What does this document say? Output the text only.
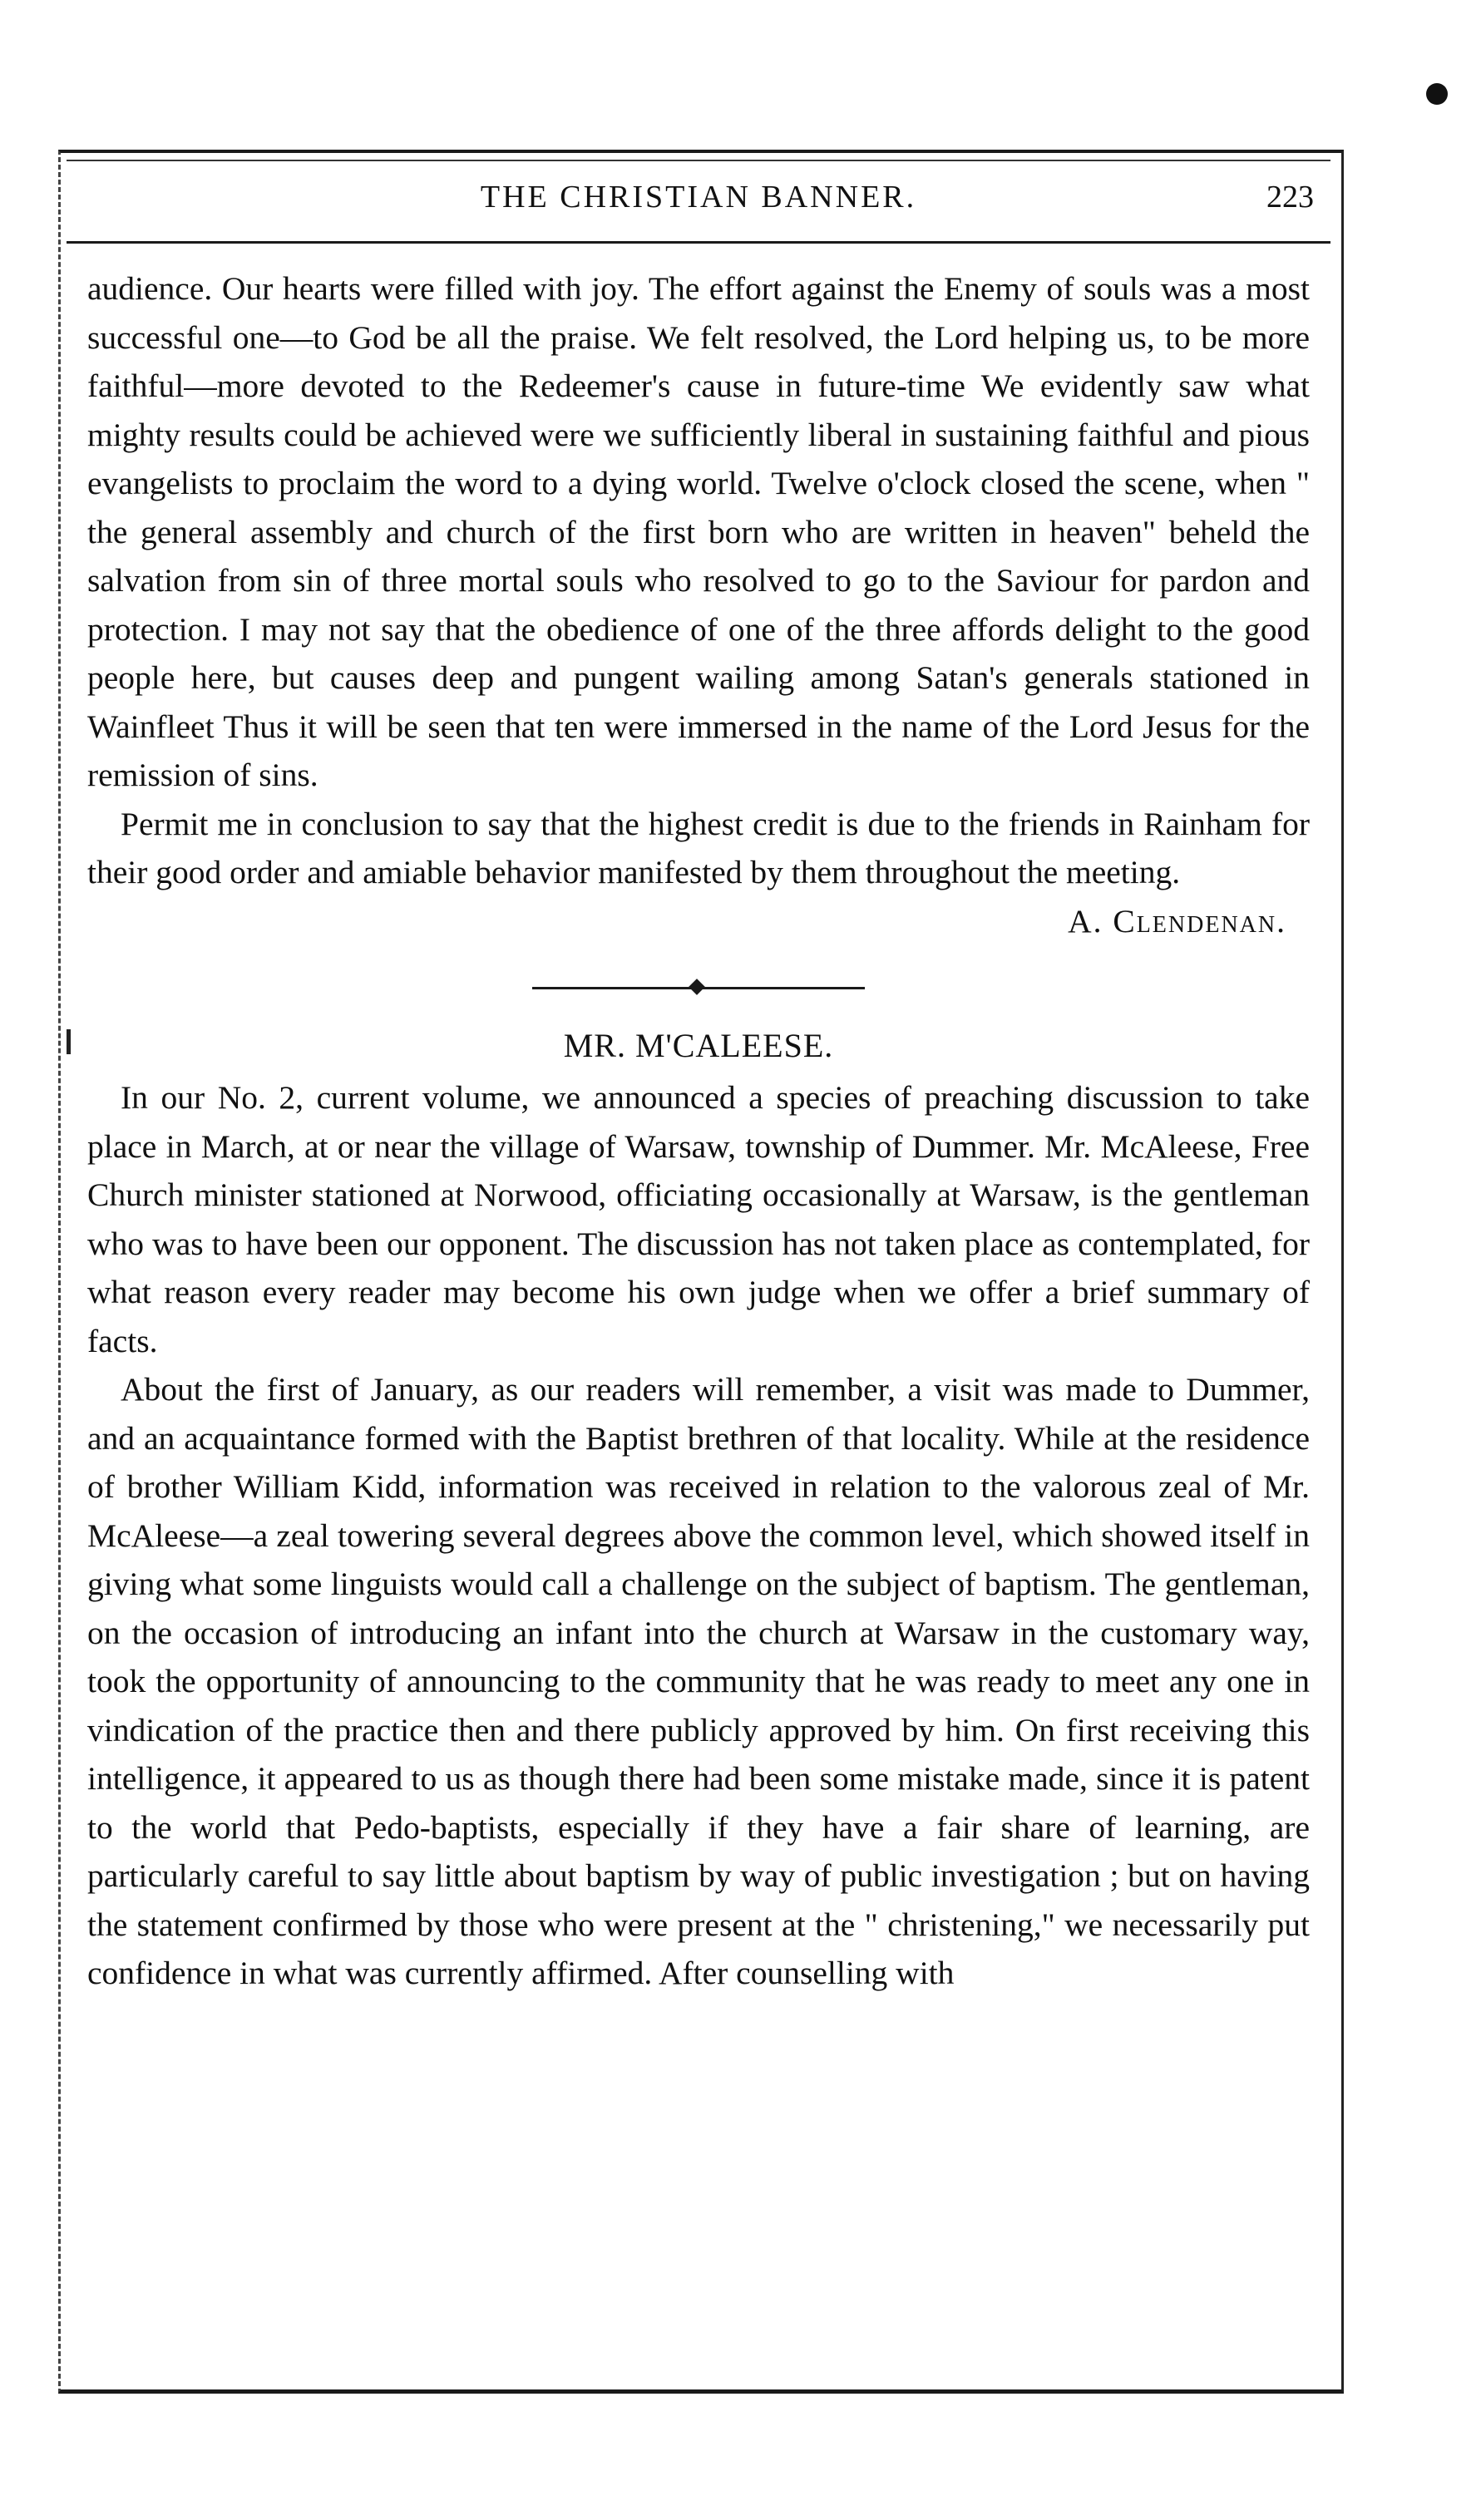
THE CHRISTIAN BANNER.	223

audience. Our hearts were filled with joy. The effort against the Enemy of souls was a most successful one—to God be all the praise. We felt resolved, the Lord helping us, to be more faithful—more devoted to the Redeemer's cause in future-time We evidently saw what mighty results could be achieved were we sufficiently liberal in sustaining faithful and pious evangelists to proclaim the word to a dying world. Twelve o'clock closed the scene, when " the general assembly and church of the first born who are written in heaven" beheld the salvation from sin of three mortal souls who resolved to go to the Saviour for pardon and protection. I may not say that the obedience of one of the three affords delight to the good people here, but causes deep and pungent wailing among Satan's generals stationed in Wainfleet Thus it will be seen that ten were immersed in the name of the Lord Jesus for the remission of sins.

Permit me in conclusion to say that the highest credit is due to the friends in Rainham for their good order and amiable behavior manifested by them throughout the meeting.

A. Clendenan.

MR. M'CALEESE.

In our No. 2, current volume, we announced a species of preaching discussion to take place in March, at or near the village of Warsaw, township of Dummer. Mr. McAleese, Free Church minister stationed at Norwood, officiating occasionally at Warsaw, is the gentleman who was to have been our opponent. The discussion has not taken place as contemplated, for what reason every reader may become his own judge when we offer a brief summary of facts.

About the first of January, as our readers will remember, a visit was made to Dummer, and an acquaintance formed with the Baptist brethren of that locality. While at the residence of brother William Kidd, information was received in relation to the valorous zeal of Mr. McAleese—a zeal towering several degrees above the common level, which showed itself in giving what some linguists would call a challenge on the subject of baptism. The gentleman, on the occasion of introducing an infant into the church at Warsaw in the customary way, took the opportunity of announcing to the community that he was ready to meet any one in vindication of the practice then and there publicly approved by him. On first receiving this intelligence, it appeared to us as though there had been some mistake made, since it is patent to the world that Pedo-baptists, especially if they have a fair share of learning, are particularly careful to say little about baptism by way of public investigation ; but on having the statement confirmed by those who were present at the " christening," we necessarily put confidence in what was currently affirmed. After counselling with
